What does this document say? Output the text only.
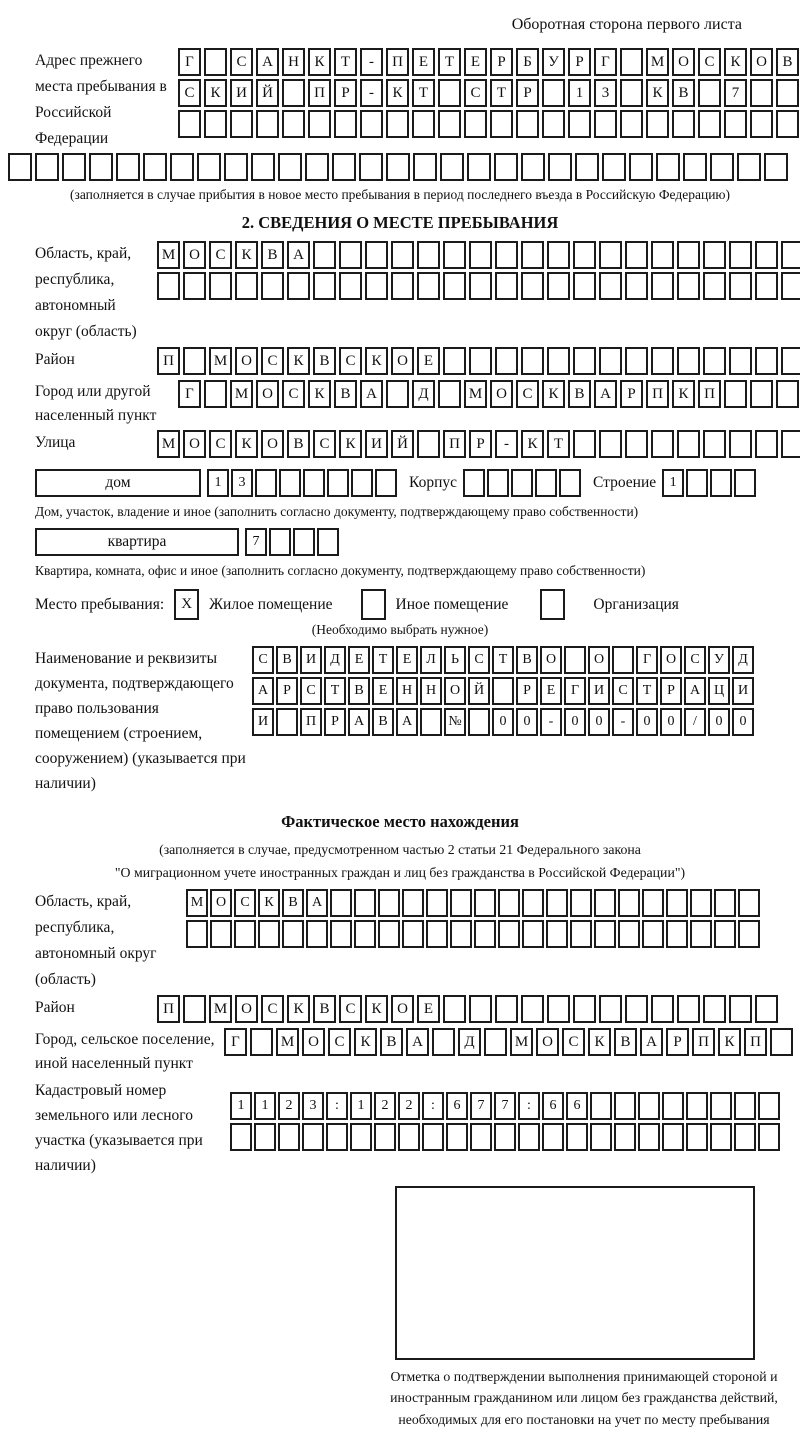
Оборотная сторона первого листа
Адрес прежнего места пребывания в Российской Федерации
Г	С А Н К Т - П Е Т Е Р Б У Р Г	М О С К О В
С К И Й	П Р - К Т	С Т Р	1 3	К В	7
(заполняется в случае прибытия в новое место пребывания в период последнего въезда в Российскую Федерацию)
2. СВЕДЕНИЯ О МЕСТЕ ПРЕБЫВАНИЯ
Область, край, республика, автономный округ (область)
М О С К В А
Район	П	М О С К В С К О Е
Город или другой населенный пункт
Г	М О С К В А	Д	М О С К В А Р П К П
Улица	М О С К О В С К И Й	П Р - К Т
дом	1 3	Корпус	Строение 1
Дом, участок, владение и иное (заполнить согласно документу, подтверждающему право собственности)
квартира	7
Квартира, комната, офис и иное (заполнить согласно документу, подтверждающему право собственности)
Место пребывания:	X	Жилое помещение	Иное помещение	Организация
(Необходимо выбрать нужное)
Наименование и реквизиты документа, подтверждающего право пользования помещением (строением, сооружением) (указывается при наличии)
С В И Д Е Т Е Л Ь С Т В О	О	Г О С У Д
А Р С Т В Е Н Н О Й	Р Е Г И С Т Р А Ц И
И	П Р А В А	№	0 0 - 0 0 - 0 0 / 0 0
Фактическое место нахождения
(заполняется в случае, предусмотренном частью 2 статьи 21 Федерального закона
"О миграционном учете иностранных граждан и лиц без гражданства в Российской Федерации")
Область, край, республика, автономный округ (область)
М О С К В А
Район	П	М О С К В С К О Е
Город, сельское поселение, иной населенный пункт
Г	М О С К В А	Д	М О С К В А Р П К П
Кадастровый номер земельного или лесного участка (указывается при наличии)
1 1 2 3 : 1 2 2 : 6 7 7 : 6 6
Отметка о подтверждении выполнения принимающей стороной и иностранным гражданином или лицом без гражданства действий, необходимых для его постановки на учет по месту пребывания
